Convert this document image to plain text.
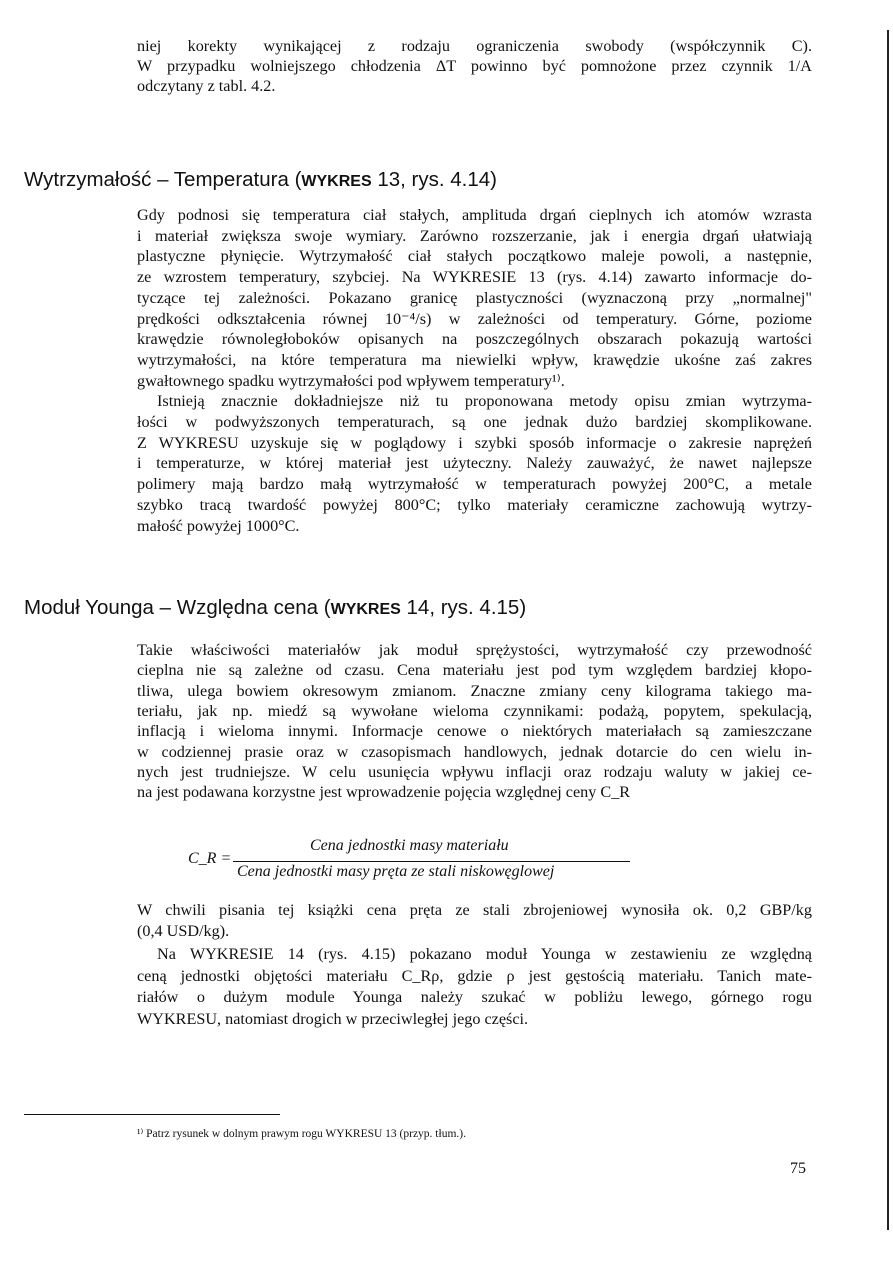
niej korekty wynikającej z rodzaju ograniczenia swobody (współczynnik C).
W przypadku wolniejszego chłodzenia ΔT powinno być pomnożone przez czynnik 1/A
odczytany z tabl. 4.2.
Gdy podnosi się temperatura ciał stałych, amplituda drgań cieplnych ich atomów wzrasta
i materiał zwiększa swoje wymiary. Zarówno rozszerzanie, jak i energia drgań ułatwiają
plastyczne płynięcie. Wytrzymałość ciał stałych początkowo maleje powoli, a następnie,
ze wzrostem temperatury, szybciej. Na WYKRESIE 13 (rys. 4.14) zawarto informacje do-
tyczące tej zależności. Pokazano granicę plastyczności (wyznaczoną przy „normalnej"
prędkości odkształcenia równej 10⁻⁴/s) w zależności od temperatury. Górne, poziome
krawędzie równoległoboków opisanych na poszczególnych obszarach pokazują wartości
wytrzymałości, na które temperatura ma niewielki wpływ, krawędzie ukośne zaś zakres
gwałtownego spadku wytrzymałości pod wpływem temperatury¹⁾.
Istnieją znacznie dokładniejsze niż tu proponowana metody opisu zmian wytrzyma-
łości w podwyższonych temperaturach, są one jednak dużo bardziej skomplikowane.
Z WYKRESU uzyskuje się w poglądowy i szybki sposób informacje o zakresie naprężeń
i temperaturze, w której materiał jest użyteczny. Należy zauważyć, że nawet najlepsze
polimery mają bardzo małą wytrzymałość w temperaturach powyżej 200°C, a metale
szybko tracą twardość powyżej 800°C; tylko materiały ceramiczne zachowują wytrzy-
małość powyżej 1000°C.
Takie właściwości materiałów jak moduł sprężystości, wytrzymałość czy przewodność
cieplna nie są zależne od czasu. Cena materiału jest pod tym względem bardziej kłopo-
tliwa, ulega bowiem okresowym zmianom. Znaczne zmiany ceny kilograma takiego ma-
teriału, jak np. miedź są wywołane wieloma czynnikami: podażą, popytem, spekulacją,
inflacją i wieloma innymi. Informacje cenowe o niektórych materiałach są zamieszczane
w codziennej prasie oraz w czasopismach handlowych, jednak dotarcie do cen wielu in-
nych jest trudniejsze. W celu usunięcia wpływu inflacji oraz rodzaju waluty w jakiej ce-
na jest podawana korzystne jest wprowadzenie pojęcia względnej ceny C_R
W chwili pisania tej książki cena pręta ze stali zbrojeniowej wynosiła ok. 0,2 GBP/kg
(0,4 USD/kg).
Na WYKRESIE 14 (rys. 4.15) pokazano moduł Younga w zestawieniu ze względną
ceną jednostki objętości materiału C_Rρ, gdzie ρ jest gęstością materiału. Tanich mate-
riałów o dużym module Younga należy szukać w pobliżu lewego, górnego rogu
WYKRESU, natomiast drogich w przeciwległej jego części.
Wytrzymałość – Temperatura (WYKRES 13, rys. 4.14)
Moduł Younga – Względna cena (WYKRES 14, rys. 4.15)
C_R =
Cena jednostki masy materiału
Cena jednostki masy pręta ze stali niskowęglowej
¹⁾ Patrz rysunek w dolnym prawym rogu WYKRESU 13 (przyp. tłum.).
75
